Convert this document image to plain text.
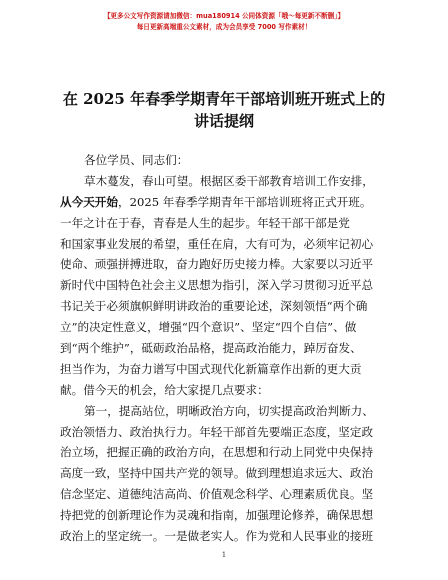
【更多公文写作资源请加微信：mua180914 公同体资源「哦～每更新不断删」】
每日更新高端重公文素材，成为会员享受 7000 写作素材！
在 2025 年春季学期青年干部培训班开班式上的
讲话提纲
各位学员、同志们：
草木蔓发，春山可望。根据区委干部教育培训工作安排，
从今天开始，2025 年春季学期青年干部培训班将正式开班。
一年之计在于春，青春是人生的起步。年轻干部干部是党
和国家事业发展的希望，重任在肩，大有可为，必须牢记初心
使命、顽强拼搏进取，奋力跑好历史接力棒。大家要以习近平
新时代中国特色社会主义思想为指引，深入学习贯彻习近平总
书记关于必须旗帜鲜明讲政治的重要论述，深刻领悟“两个确
立”的决定性意义，增强“四个意识”、坚定“四个自信”、做
到“两个维护”，砥砺政治品格，提高政治能力，踔厉奋发、
担当作为，为奋力谱写中国式现代化新篇章作出新的更大贡
献。借今天的机会，给大家提几点要求：
第一，提高站位，明晰政治方向，切实提高政治判断力、
政治领悟力、政治执行力。年轻干部首先要端正态度，坚定政
治立场，把握正确的政治方向，在思想和行动上同党中央保持
高度一致，坚持中国共产党的领导。做到理想追求远大、政治
信念坚定、道德纯洁高尚、价值观念科学、心理素质优良。坚
持把党的创新理论作为灵魂和指南，加强理论修养，确保思想
政治上的坚定统一。一是做老实人。作为党和人民事业的接班
1
